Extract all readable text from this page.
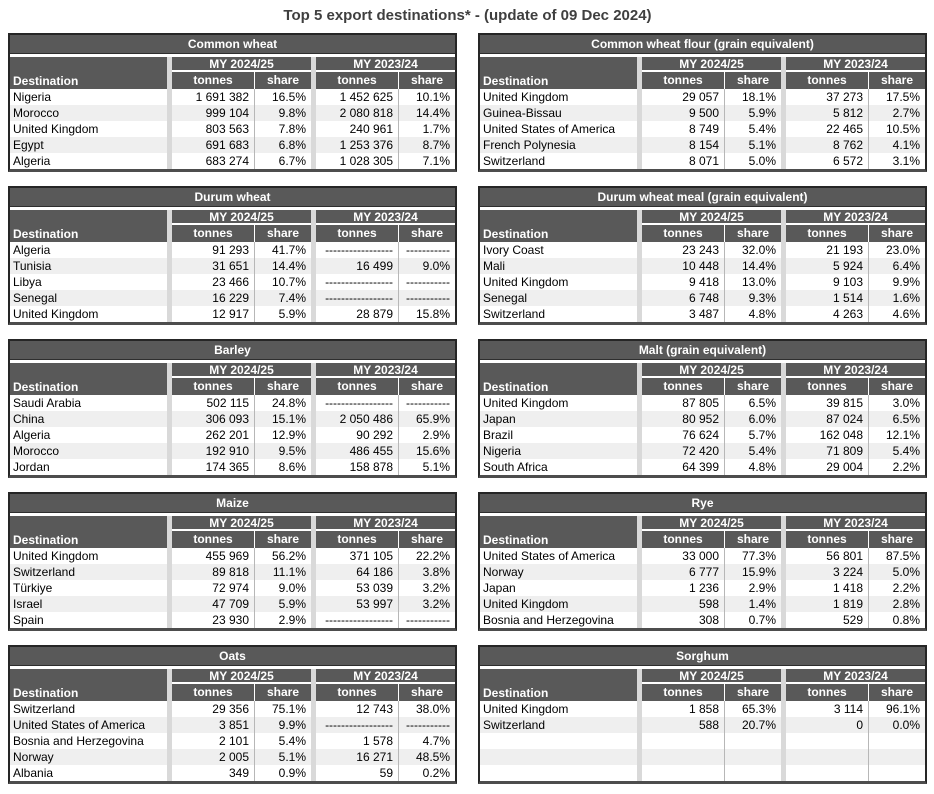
Top 5 export destinations* - (update of 09 Dec 2024)
Common wheat
Destination
MY 2024/25	MY 2023/24
tonnes	share	tonnes	share
Nigeria	1 691 382	16.5%	1 452 625	10.1%
Morocco	999 104	9.8%	2 080 818	14.4%
United Kingdom	803 563	7.8%	240 961	1.7%
Egypt	691 683	6.8%	1 253 376	8.7%
Algeria	683 274	6.7%	1 028 305	7.1%
Common wheat flour (grain equivalent)
Destination
MY 2024/25	MY 2023/24
tonnes	share	tonnes	share
United Kingdom	29 057	18.1%	37 273	17.5%
Guinea-Bissau	9 500	5.9%	5 812	2.7%
United States of America	8 749	5.4%	22 465	10.5%
French Polynesia	8 154	5.1%	8 762	4.1%
Switzerland	8 071	5.0%	6 572	3.1%
Durum wheat
Destination
MY 2024/25	MY 2023/24
tonnes	share	tonnes	share
Algeria	91 293	41.7%	-----------------	-----------
Tunisia	31 651	14.4%	16 499	9.0%
Libya	23 466	10.7%	-----------------	-----------
Senegal	16 229	7.4%	-----------------	-----------
United Kingdom	12 917	5.9%	28 879	15.8%
Durum wheat meal (grain equivalent)
Destination
MY 2024/25	MY 2023/24
tonnes	share	tonnes	share
Ivory Coast	23 243	32.0%	21 193	23.0%
Mali	10 448	14.4%	5 924	6.4%
United Kingdom	9 418	13.0%	9 103	9.9%
Senegal	6 748	9.3%	1 514	1.6%
Switzerland	3 487	4.8%	4 263	4.6%
Barley
Destination
MY 2024/25	MY 2023/24
tonnes	share	tonnes	share
Saudi Arabia	502 115	24.8%	-----------------	-----------
China	306 093	15.1%	2 050 486	65.9%
Algeria	262 201	12.9%	90 292	2.9%
Morocco	192 910	9.5%	486 455	15.6%
Jordan	174 365	8.6%	158 878	5.1%
Malt (grain equivalent)
Destination
MY 2024/25	MY 2023/24
tonnes	share	tonnes	share
United Kingdom	87 805	6.5%	39 815	3.0%
Japan	80 952	6.0%	87 024	6.5%
Brazil	76 624	5.7%	162 048	12.1%
Nigeria	72 420	5.4%	71 809	5.4%
South Africa	64 399	4.8%	29 004	2.2%
Maize
Destination
MY 2024/25	MY 2023/24
tonnes	share	tonnes	share
United Kingdom	455 969	56.2%	371 105	22.2%
Switzerland	89 818	11.1%	64 186	3.8%
Türkiye	72 974	9.0%	53 039	3.2%
Israel	47 709	5.9%	53 997	3.2%
Spain	23 930	2.9%	-----------------	-----------
Rye
Destination
MY 2024/25	MY 2023/24
tonnes	share	tonnes	share
United States of America	33 000	77.3%	56 801	87.5%
Norway	6 777	15.9%	3 224	5.0%
Japan	1 236	2.9%	1 418	2.2%
United Kingdom	598	1.4%	1 819	2.8%
Bosnia and Herzegovina	308	0.7%	529	0.8%
Oats
Destination
MY 2024/25	MY 2023/24
tonnes	share	tonnes	share
Switzerland	29 356	75.1%	12 743	38.0%
United States of America	3 851	9.9%	-----------------	-----------
Bosnia and Herzegovina	2 101	5.4%	1 578	4.7%
Norway	2 005	5.1%	16 271	48.5%
Albania	349	0.9%	59	0.2%
Sorghum
Destination
MY 2024/25	MY 2023/24
tonnes	share	tonnes	share
United Kingdom	1 858	65.3%	3 114	96.1%
Switzerland	588	20.7%	0	0.0%
